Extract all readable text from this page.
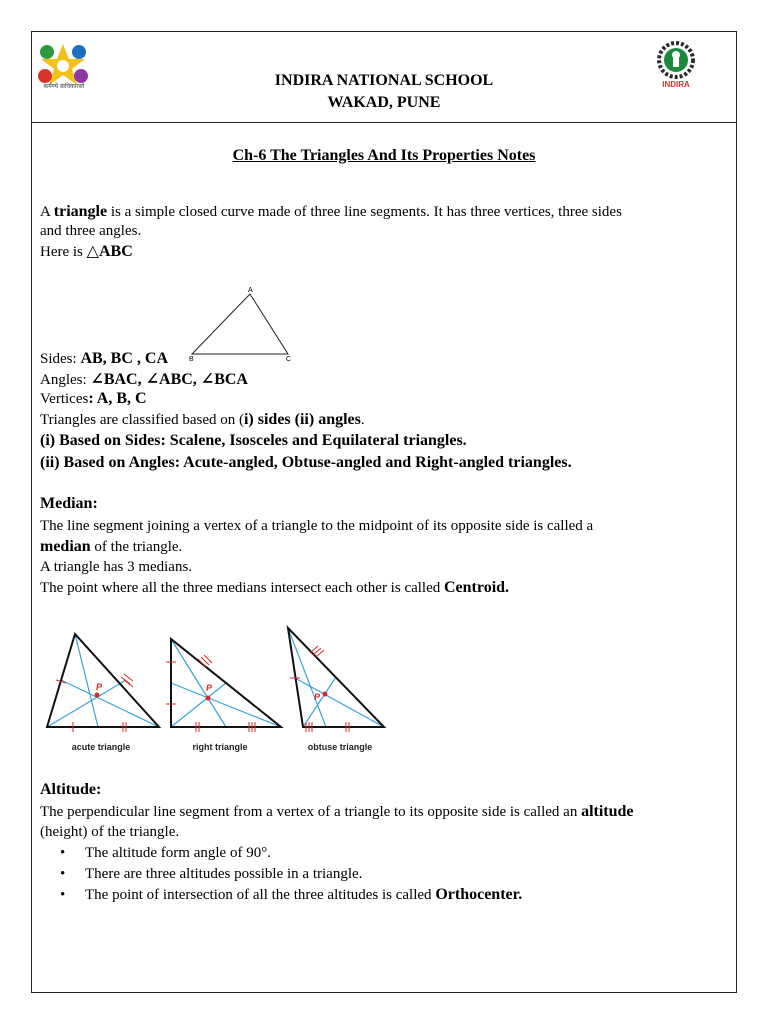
कर्मण्ये वाधिकारस्ते	INDIRA
INDIRA NATIONAL SCHOOL
WAKAD, PUNE
Ch-6 The Triangles And Its Properties Notes
A triangle is a simple closed curve made of three line segments. It has three vertices, three sides
and three angles.
Here is △ABC
A
B	C
Sides: AB, BC , CA
Angles: ∠BAC, ∠ABC, ∠BCA
Vertices: A, B, C
Triangles are classified based on (i) sides (ii) angles.
(i) Based on Sides: Scalene, Isosceles and Equilateral triangles.
(ii) Based on Angles: Acute-angled, Obtuse-angled and Right-angled triangles.
Median:
The line segment joining a vertex of a triangle to the midpoint of its opposite side is called a
median of the triangle.
A triangle has 3 medians.
The point where all the three medians intersect each other is called Centroid.
P	P
P
acute triangle	right triangle	obtuse triangle
Altitude:
The perpendicular line segment from a vertex of a triangle to its opposite side is called an altitude
(height) of the triangle.
• The altitude form angle of 90°.
• There are three altitudes possible in a triangle.
• The point of intersection of all the three altitudes is called Orthocenter.
